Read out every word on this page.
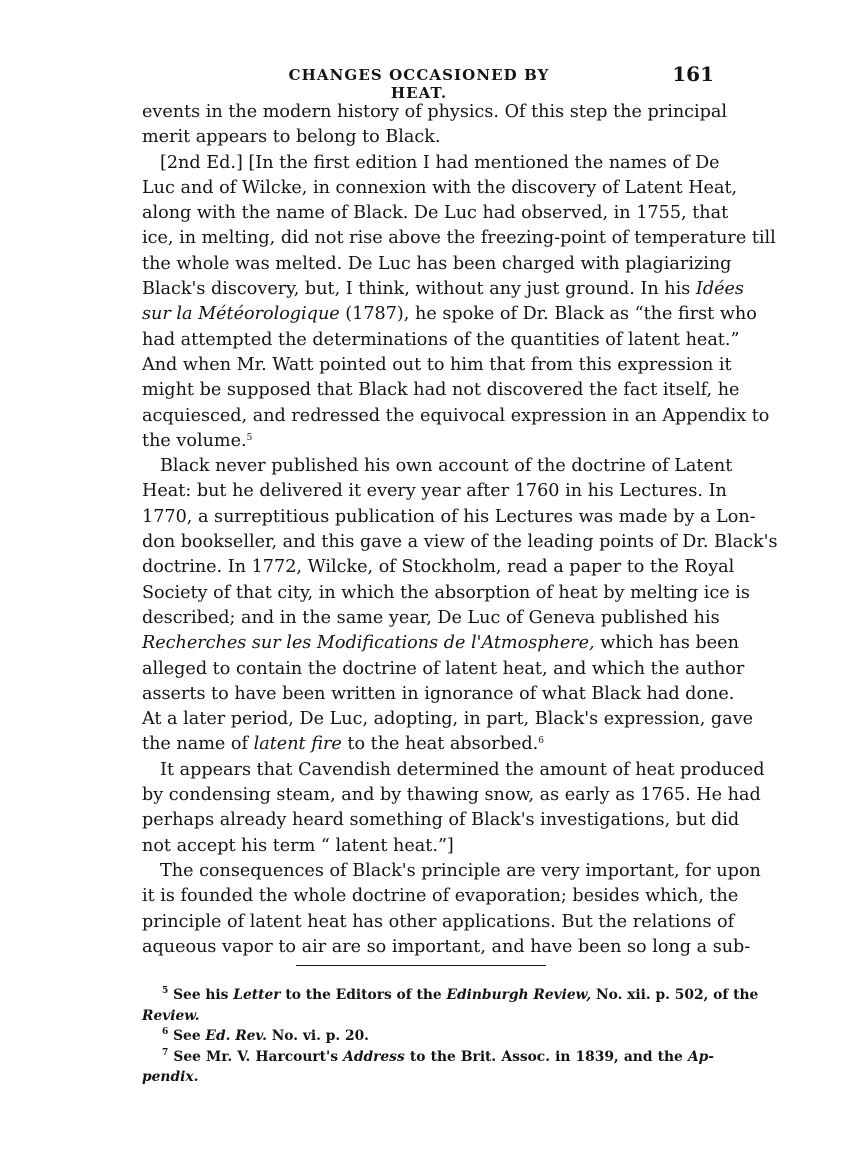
CHANGES OCCASIONED BY HEAT.
161
events in the modern history of physics. Of this step the principal
merit appears to belong to Black.
[2nd Ed.] [In the first edition I had mentioned the names of De
Luc and of Wilcke, in connexion with the discovery of Latent Heat,
along with the name of Black. De Luc had observed, in 1755, that
ice, in melting, did not rise above the freezing-point of temperature till
the whole was melted. De Luc has been charged with plagiarizing
Black's discovery, but, I think, without any just ground. In his Idées
sur la Météorologique (1787), he spoke of Dr. Black as “the first who
had attempted the determinations of the quantities of latent heat.”
And when Mr. Watt pointed out to him that from this expression it
might be supposed that Black had not discovered the fact itself, he
acquiesced, and redressed the equivocal expression in an Appendix to
the volume.$^5$
Black never published his own account of the doctrine of Latent
Heat: but he delivered it every year after 1760 in his Lectures. In
1770, a surreptitious publication of his Lectures was made by a Lon-
don bookseller, and this gave a view of the leading points of Dr. Black's
doctrine. In 1772, Wilcke, of Stockholm, read a paper to the Royal
Society of that city, in which the absorption of heat by melting ice is
described; and in the same year, De Luc of Geneva published his
Recherches sur les Modifications de l'Atmosphere, which has been
alleged to contain the doctrine of latent heat, and which the author
asserts to have been written in ignorance of what Black had done.
At a later period, De Luc, adopting, in part, Black's expression, gave
the name of latent fire to the heat absorbed.$^6$
It appears that Cavendish determined the amount of heat produced
by condensing steam, and by thawing snow, as early as 1765. He had
perhaps already heard something of Black's investigations, but did
not accept his term “ latent heat.”]
The consequences of Black's principle are very important, for upon
it is founded the whole doctrine of evaporation; besides which, the
principle of latent heat has other applications. But the relations of
aqueous vapor to air are so important, and have been so long a sub-
$^5$ See his Letter to the Editors of the Edinburgh Review, No. xii. p. 502, of the
Review.
$^6$ See Ed. Rev. No. vi. p. 20.
$^7$ See Mr. V. Harcourt's Address to the Brit. Assoc. in 1839, and the Ap-
pendix.
